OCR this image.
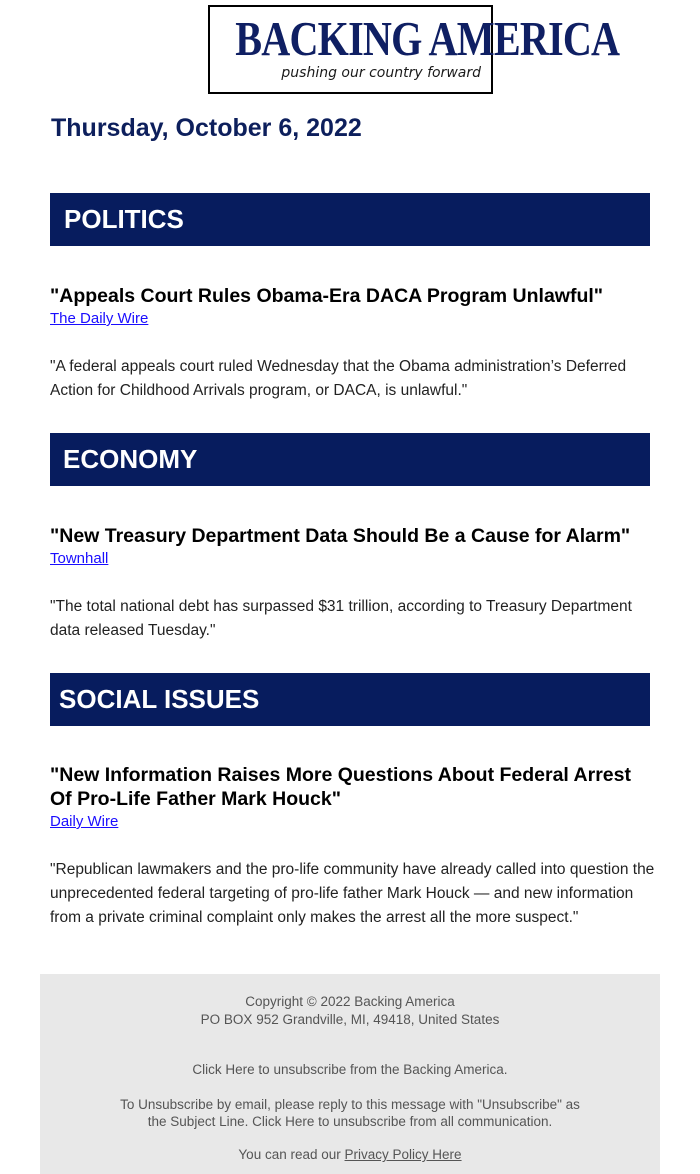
BACKING AMERICA
pushing our country forward
Thursday, October 6, 2022
POLITICS
"Appeals Court Rules Obama-Era DACA Program Unlawful"
The Daily Wire
"A federal appeals court ruled Wednesday that the Obama administration’s Deferred Action for Childhood Arrivals program, or DACA, is unlawful."
ECONOMY
"New Treasury Department Data Should Be a Cause for Alarm"
Townhall
"The total national debt has surpassed $31 trillion, according to Treasury Department data released Tuesday."
SOCIAL ISSUES
"New Information Raises More Questions About Federal Arrest Of Pro-Life Father Mark Houck"
Daily Wire
"Republican lawmakers and the pro-life community have already called into question the unprecedented federal targeting of pro-life father Mark Houck — and new information from a private criminal complaint only makes the arrest all the more suspect."
Copyright © 2022 Backing America
PO BOX 952 Grandville, MI, 49418, United States
Click Here to unsubscribe from the Backing America.
To Unsubscribe by email, please reply to this message with "Unsubscribe" as
the Subject Line. Click Here to unsubscribe from all communication.
You can read our Privacy Policy Here
